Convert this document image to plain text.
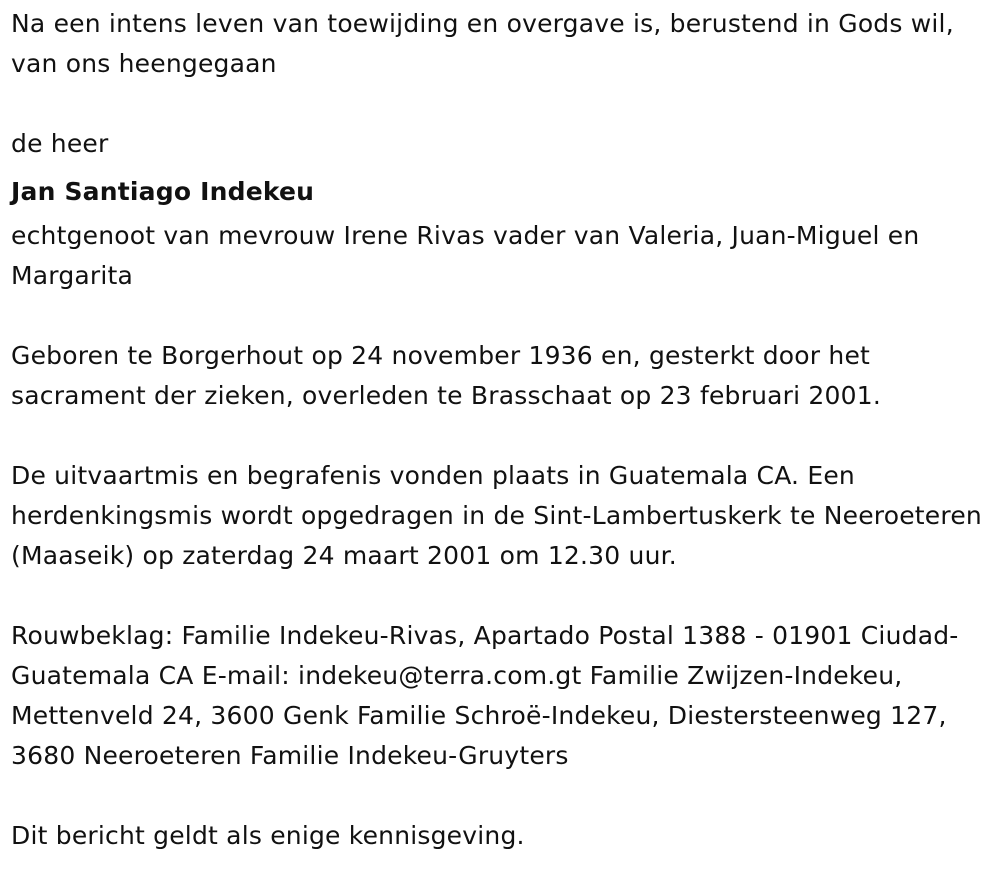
Na een intens leven van toewijding en overgave is, berustend in Gods wil, van ons heengegaan

de heer

Jan Santiago Indekeu

echtgenoot van mevrouw Irene Rivas vader van Valeria, Juan-Miguel en Margarita

Geboren te Borgerhout op 24 november 1936 en, gesterkt door het sacrament der zieken, overleden te Brasschaat op 23 februari 2001.

De uitvaartmis en begrafenis vonden plaats in Guatemala CA. Een herdenkingsmis wordt opgedragen in de Sint-Lambertuskerk te Neeroeteren (Maaseik) op zaterdag 24 maart 2001 om 12.30 uur.

Rouwbeklag: Familie Indekeu-Rivas, Apartado Postal 1388 - 01901 Ciudad-Guatemala CA E-mail: indekeu@terra.com.gt Familie Zwijzen-Indekeu, Mettenveld 24, 3600 Genk Familie Schroë-Indekeu, Diestersteenweg 127, 3680 Neeroeteren Familie Indekeu-Gruyters

Dit bericht geldt als enige kennisgeving.
